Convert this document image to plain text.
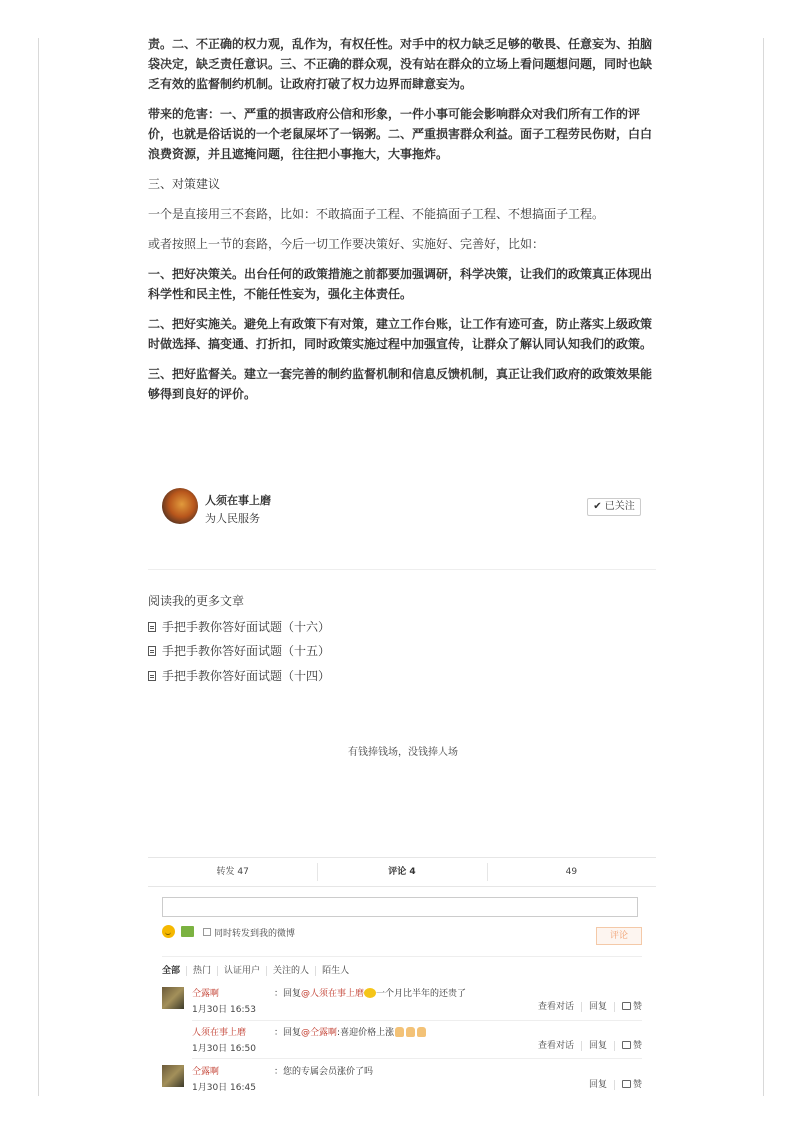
责。二、不正确的权力观，乱作为，有权任性。对手中的权力缺乏足够的敬畏、任意妄为、拍脑袋决定，缺乏责任意识。三、不正确的群众观，没有站在群众的立场上看问题想问题，同时也缺乏有效的监督制约机制。让政府打破了权力边界而肆意妄为。

带来的危害：一、严重的损害政府公信和形象，一件小事可能会影响群众对我们所有工作的评价，也就是俗话说的一个老鼠屎坏了一锅粥。二、严重损害群众利益。面子工程劳民伤财，白白浪费资源，并且遮掩问题，往往把小事拖大，大事拖炸。

三、对策建议

一个是直接用三不套路，比如：不敢搞面子工程、不能搞面子工程、不想搞面子工程。

或者按照上一节的套路，今后一切工作要决策好、实施好、完善好，比如：

一、把好决策关。出台任何的政策措施之前都要加强调研，科学决策，让我们的政策真正体现出科学性和民主性，不能任性妄为，强化主体责任。

二、把好实施关。避免上有政策下有对策，建立工作台账，让工作有迹可查，防止落实上级政策时做选择、搞变通、打折扣，同时政策实施过程中加强宣传，让群众了解认同认知我们的政策。

三、把好监督关。建立一套完善的制约监督机制和信息反馈机制，真正让我们政府的政策效果能够得到良好的评价。

人须在事上磨
为人民服务
✔ 已关注
阅读我的更多文章
手把手教你答好面试题（十六）
手把手教你答好面试题（十五）
手把手教你答好面试题（十四）
有钱捧钱场，没钱捧人场
转发 47	评论 4	49
同时转发到我的微博	评论
全部	热门	认证用户	关注的人	陌生人
仝露啊	：回复@人须在事上磨 一个月比半年的还贵了
1月30日 16:53	查看对话	回复	赞
人须在事上磨	：回复@仝露啊:喜迎价格上涨
1月30日 16:50	查看对话	回复	赞
仝露啊	：您的专属会员涨价了吗
1月30日 16:45	回复	赞
